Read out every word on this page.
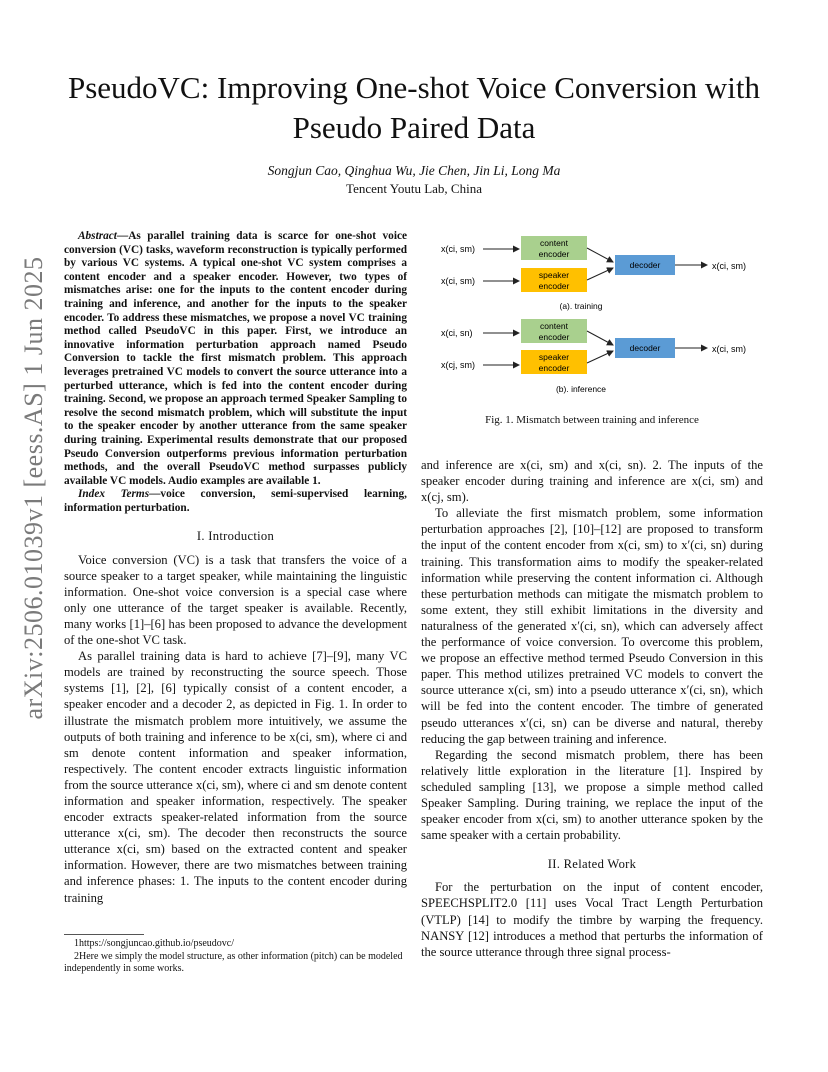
arXiv:2506.01039v1 [eess.AS] 1 Jun 2025
PseudoVC: Improving One-shot Voice Conversion with Pseudo Paired Data
Songjun Cao, Qinghua Wu, Jie Chen, Jin Li, Long Ma
Tencent Youtu Lab, China

Abstract—As parallel training data is scarce for one-shot voice conversion (VC) tasks, waveform reconstruction is typically performed by various VC systems. A typical one-shot VC system comprises a content encoder and a speaker encoder. However, two types of mismatches arise: one for the inputs to the content encoder during training and inference, and another for the inputs to the speaker encoder. To address these mismatches, we propose a novel VC training method called PseudoVC in this paper. First, we introduce an innovative information perturbation approach named Pseudo Conversion to tackle the first mismatch problem. This approach leverages pretrained VC models to convert the source utterance into a perturbed utterance, which is fed into the content encoder during training. Second, we propose an approach termed Speaker Sampling to resolve the second mismatch problem, which will substitute the input to the speaker encoder by another utterance from the same speaker during training. Experimental results demonstrate that our proposed Pseudo Conversion outperforms previous information perturbation methods, and the overall PseudoVC method surpasses publicly available VC models. Audio examples are available 1.

Index Terms—voice conversion, semi-supervised learning, information perturbation.

I. Introduction

Voice conversion (VC) is a task that transfers the voice of a source speaker to a target speaker, while maintaining the linguistic information. One-shot voice conversion is a special case where only one utterance of the target speaker is available. Recently, many works [1]–[6] has been proposed to advance the development of the one-shot VC task.

As parallel training data is hard to achieve [7]–[9], many VC models are trained by reconstructing the source speech. Those systems [1], [2], [6] typically consist of a content encoder, a speaker encoder and a decoder 2, as depicted in Fig. 1. In order to illustrate the mismatch problem more intuitively, we assume the outputs of both training and inference to be x(ci, sm), where ci and sm denote content information and speaker information, respectively. The content encoder extracts linguistic information from the source utterance x(ci, sm), where ci and sm denote content information and speaker information, respectively. The speaker encoder extracts speaker-related information from the source utterance x(ci, sm). The decoder then reconstructs the source utterance x(ci, sm) based on the extracted content and speaker information. However, there are two mismatches between training and inference phases: 1. The inputs to the content encoder during training

1https://songjuncao.github.io/pseudovc/

2Here we simply the model structure, as other information (pitch) can be modeled independently in some works.

x(ci, sm)
x(ci, sm)
content
encoder
speaker
encoder
decoder	x(ci, sm)
(a). training
x(ci, sn)
x(cj, sm)
content
encoder
speaker
encoder
decoder	x(ci, sm)
(b). inference
Fig. 1. Mismatch between training and inference

and inference are x(ci, sm) and x(ci, sn). 2. The inputs of the speaker encoder during training and inference are x(ci, sm) and x(cj, sm).

To alleviate the first mismatch problem, some information perturbation approaches [2], [10]–[12] are proposed to transform the input of the content encoder from x(ci, sm) to x′(ci, sn) during training. This transformation aims to modify the speaker-related information while preserving the content information ci. Although these perturbation methods can mitigate the mismatch problem to some extent, they still exhibit limitations in the diversity and naturalness of the generated x′(ci, sn), which can adversely affect the performance of voice conversion. To overcome this problem, we propose an effective method termed Pseudo Conversion in this paper. This method utilizes pretrained VC models to convert the source utterance x(ci, sm) into a pseudo utterance x′(ci, sn), which will be fed into the content encoder. The timbre of generated pseudo utterances x′(ci, sn) can be diverse and natural, thereby reducing the gap between training and inference.

Regarding the second mismatch problem, there has been relatively little exploration in the literature [1]. Inspired by scheduled sampling [13], we propose a simple method called Speaker Sampling. During training, we replace the input of the speaker encoder from x(ci, sm) to another utterance spoken by the same speaker with a certain probability.

II. Related Work

For the perturbation on the input of content encoder, SPEECHSPLIT2.0 [11] uses Vocal Tract Length Perturbation (VTLP) [14] to modify the timbre by warping the frequency. NANSY [12] introduces a method that perturbs the information of the source utterance through three signal process-
